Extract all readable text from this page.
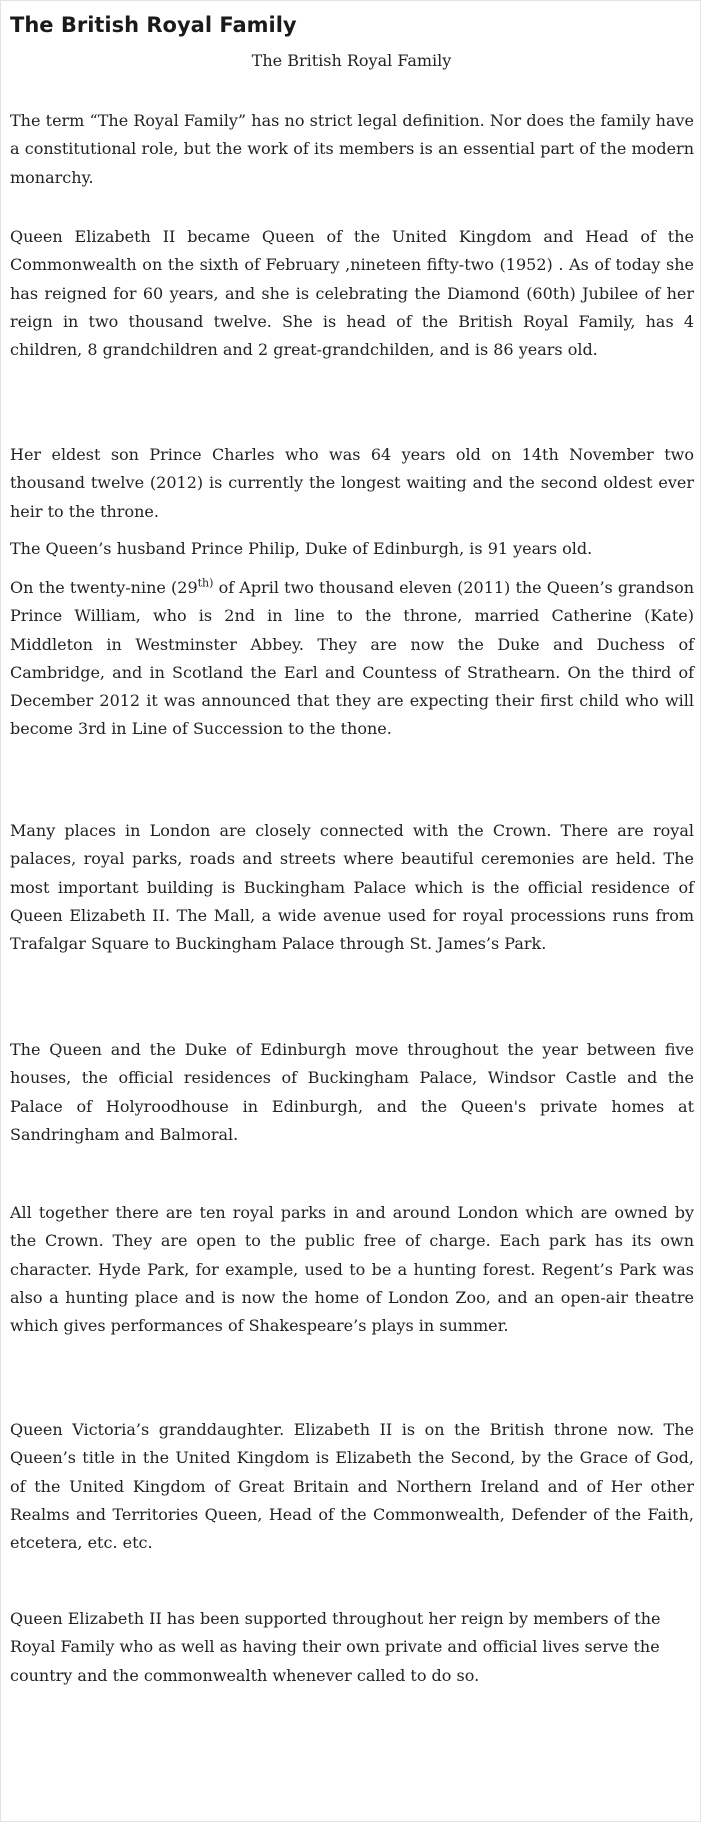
The British Royal Family
The British Royal Family

The term “The Royal Family” has no strict legal definition. Nor does the family have a constitutional role, but the work of its members is an essential part of the modern monarchy.

Queen Elizabeth II became Queen of the United Kingdom and Head of the Commonwealth on the sixth of February ,nineteen fifty-two (1952) . As of today she has reigned for 60 years, and she is celebrating the Diamond (60th) Jubilee of her reign in two thousand twelve. She is head of the British Royal Family, has 4 children, 8 grandchildren and 2 great-grandchilden, and is 86 years old.

Her eldest son Prince Charles who was 64 years old on 14th November two thousand twelve (2012) is currently the longest waiting and the second oldest ever heir to the throne.

The Queen’s husband Prince Philip, Duke of Edinburgh, is 91 years old.

On the twenty-nine ($29^{th)}$ of April two thousand eleven (2011) the Queen’s grandson Prince William, who is 2nd in line to the throne, married Catherine (Kate) Middleton in Westminster Abbey. They are now the Duke and Duchess of Cambridge, and in Scotland the Earl and Countess of Strathearn. On the third of December 2012 it was announced that they are expecting their first child who will become 3rd in Line of Succession to the thone.

Many places in London are closely connected with the Crown. There are royal palaces, royal parks, roads and streets where beautiful ceremonies are held. The most important building is Buckingham Palace which is the official residence of Queen Elizabeth II. The Mall, a wide avenue used for royal processions runs from Trafalgar Square to Buckingham Palace through St. James’s Park.

The Queen and the Duke of Edinburgh move throughout the year between five houses, the official residences of Buckingham Palace, Windsor Castle and the Palace of Holyroodhouse in Edinburgh, and the Queen's private homes at Sandringham and Balmoral.

All together there are ten royal parks in and around London which are owned by the Crown. They are open to the public free of charge. Each park has its own character. Hyde Park, for example, used to be a hunting forest. Regent’s Park was also a hunting place and is now the home of London Zoo, and an open-air theatre which gives performances of Shakespeare’s plays in summer.

Queen Victoria’s granddaughter. Elizabeth II is on the British throne now. The Queen’s title in the United Kingdom is Elizabeth the Second, by the Grace of God, of the United Kingdom of Great Britain and Northern Ireland and of Her other Realms and Territories Queen, Head of the Commonwealth, Defender of the Faith, etcetera, etc. etc.

Queen Elizabeth II has been supported throughout her reign by members of the Royal Family who as well as having their own private and official lives serve the country and the commonwealth whenever called to do so.
